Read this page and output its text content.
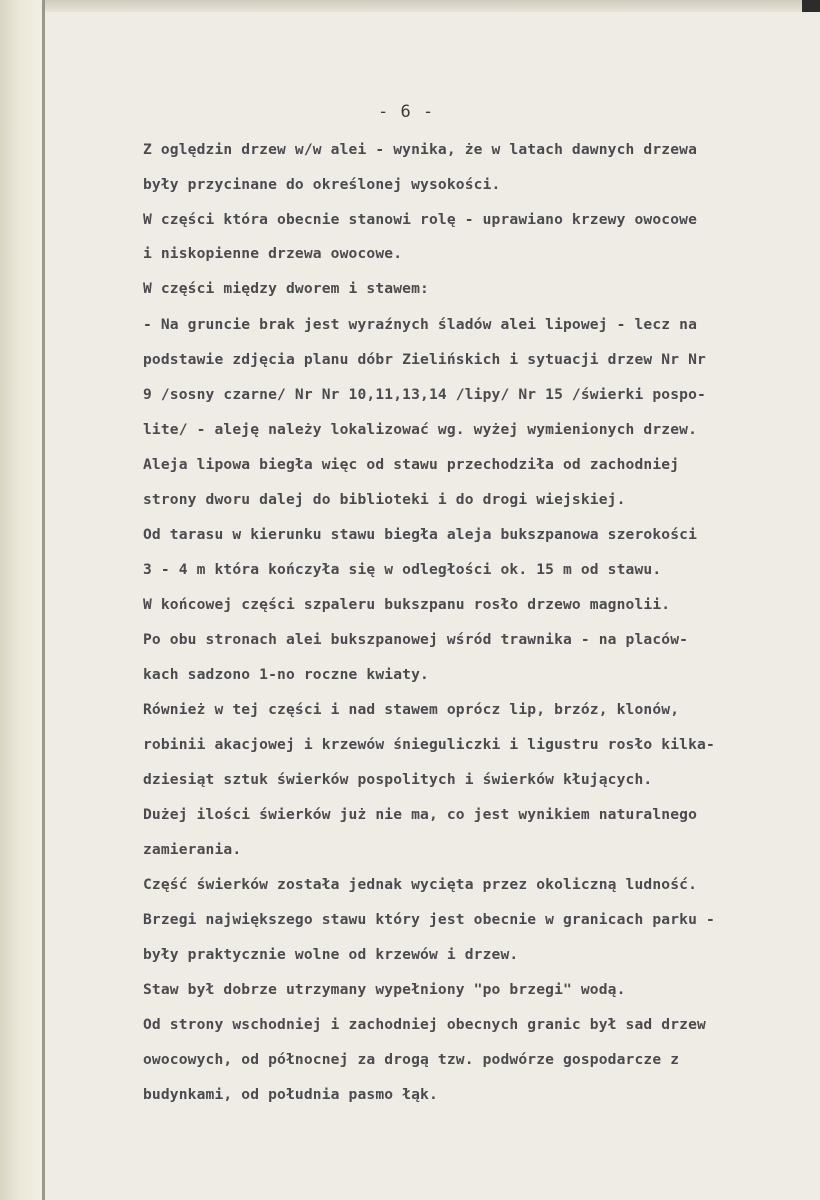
- 6 -
Z oględzin drzew w/w alei - wynika, że w latach dawnych drzewa
były przycinane do określonej wysokości.
W części która obecnie stanowi rolę - uprawiano krzewy owocowe
i niskopienne drzewa owocowe.
W części między dworem i stawem:
- Na gruncie brak jest wyraźnych śladów alei lipowej - lecz na
podstawie zdjęcia planu dóbr Zielińskich i sytuacji drzew Nr Nr
9 /sosny czarne/ Nr Nr 10,11,13,14 /lipy/ Nr 15 /świerki pospo-
lite/ - aleję należy lokalizować wg. wyżej wymienionych drzew.
Aleja lipowa biegła więc od stawu przechodziła od zachodniej
strony dworu dalej do biblioteki i do drogi wiejskiej.
Od tarasu w kierunku stawu biegła aleja bukszpanowa szerokości
3 - 4 m która kończyła się w odległości ok. 15 m od stawu.
W końcowej części szpaleru bukszpanu rosło drzewo magnolii.
Po obu stronach alei bukszpanowej wśród trawnika - na placów-
kach sadzono 1-no roczne kwiaty.
Również w tej części i nad stawem oprócz lip, brzóz, klonów,
robinii akacjowej i krzewów śnieguliczki i ligustru rosło kilka-
dziesiąt sztuk świerków pospolitych i świerków kłujących.
Dużej ilości świerków już nie ma, co jest wynikiem naturalnego
zamierania.
Część świerków została jednak wycięta przez okoliczną ludność.
Brzegi największego stawu który jest obecnie w granicach parku -
były praktycznie wolne od krzewów i drzew.
Staw był dobrze utrzymany wypełniony "po brzegi" wodą.
Od strony wschodniej i zachodniej obecnych granic był sad drzew
owocowych, od północnej za drogą tzw. podwórze gospodarcze z
budynkami, od południa pasmo łąk.
